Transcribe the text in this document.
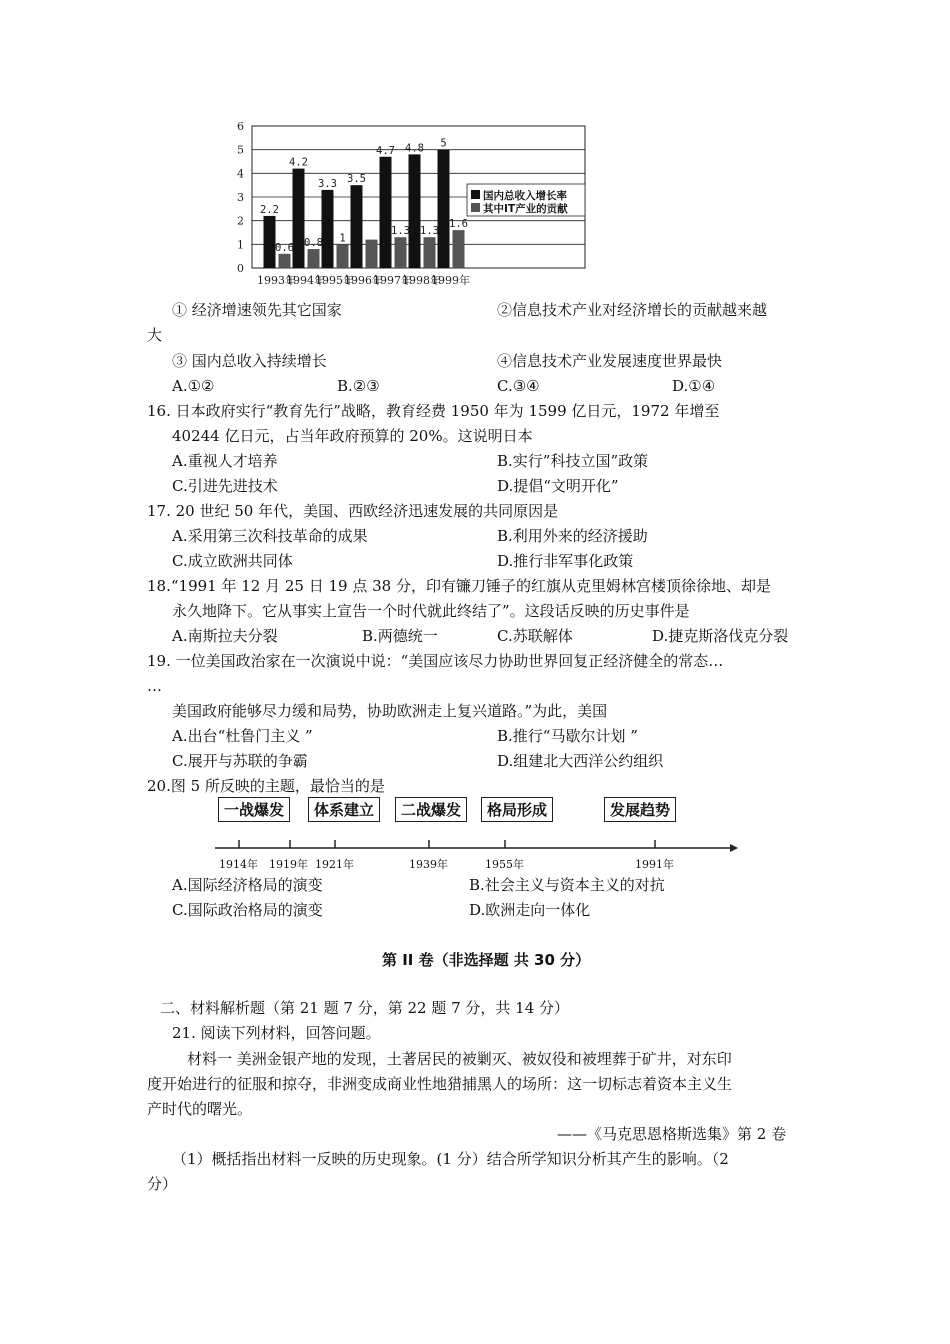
0
1
2
3
4
5
6
2.2
0.6
1993年
4.2
0.8
1994年
3.3
1
1995年
3.5
1996年
4.7
1.3
1997年
4.8
1.3
1998年
5
1.6
1999年
国内总收入增长率
其中IT产业的贡献
① 经济增速领先其它国家	②信息技术产业对经济增长的贡献越来越
大
③ 国内总收入持续增长	④信息技术产业发展速度世界最快
A.①②	B.②③	C.③④	D.①④
16. 日本政府实行“教育先行”战略，教育经费 1950 年为 1599 亿日元，1972 年增至
40244 亿日元，占当年政府预算的 20%。这说明日本
A.重视人才培养	B.实行”科技立国”政策
C.引进先进技术	D.提倡“文明开化”
17. 20 世纪 50 年代，美国、西欧经济迅速发展的共同原因是
A.采用第三次科技革命的成果	B.利用外来的经济援助
C.成立欧洲共同体	D.推行非军事化政策
18.“1991 年 12 月 25 日 19 点 38 分，印有镰刀锤子的红旗从克里姆林宫楼顶徐徐地、却是
永久地降下。它从事实上宣告一个时代就此终结了”。这段话反映的历史事件是
A.南斯拉夫分裂	B.两德统一	C.苏联解体	D.捷克斯洛伐克分裂
19. 一位美国政治家在一次演说中说：“美国应该尽力协助世界回复正经济健全的常态…
…
美国政府能够尽力缓和局势，协助欧洲走上复兴道路。”为此，美国
A.出台“杜鲁门主义 ”	B.推行“马歇尔计划 ”
C.展开与苏联的争霸	D.组建北大西洋公约组织
20.图 5 所反映的主题，最恰当的是
一战爆发	体系建立	二战爆发	格局形成	发展趋势
1914年 1919年 1921年	1939年	1955年	1991年
A.国际经济格局的演变	B.社会主义与资本主义的对抗
C.国际政治格局的演变	D.欧洲走向一体化
第 II 卷（非选择题 共 30 分）
二、材料解析题（第 21 题 7 分，第 22 题 7 分，共 14 分）
21. 阅读下列材料，回答问题。
材料一 美洲金银产地的发现，土著居民的被剿灭、被奴役和被埋葬于矿井，对东印
度开始进行的征服和掠夺，非洲变成商业性地猎捕黑人的场所：这一切标志着资本主义生
产时代的曙光。
——《马克思恩格斯选集》第 2 卷
（1）概括指出材料一反映的历史现象。(1 分）结合所学知识分析其产生的影响。（2
分）
